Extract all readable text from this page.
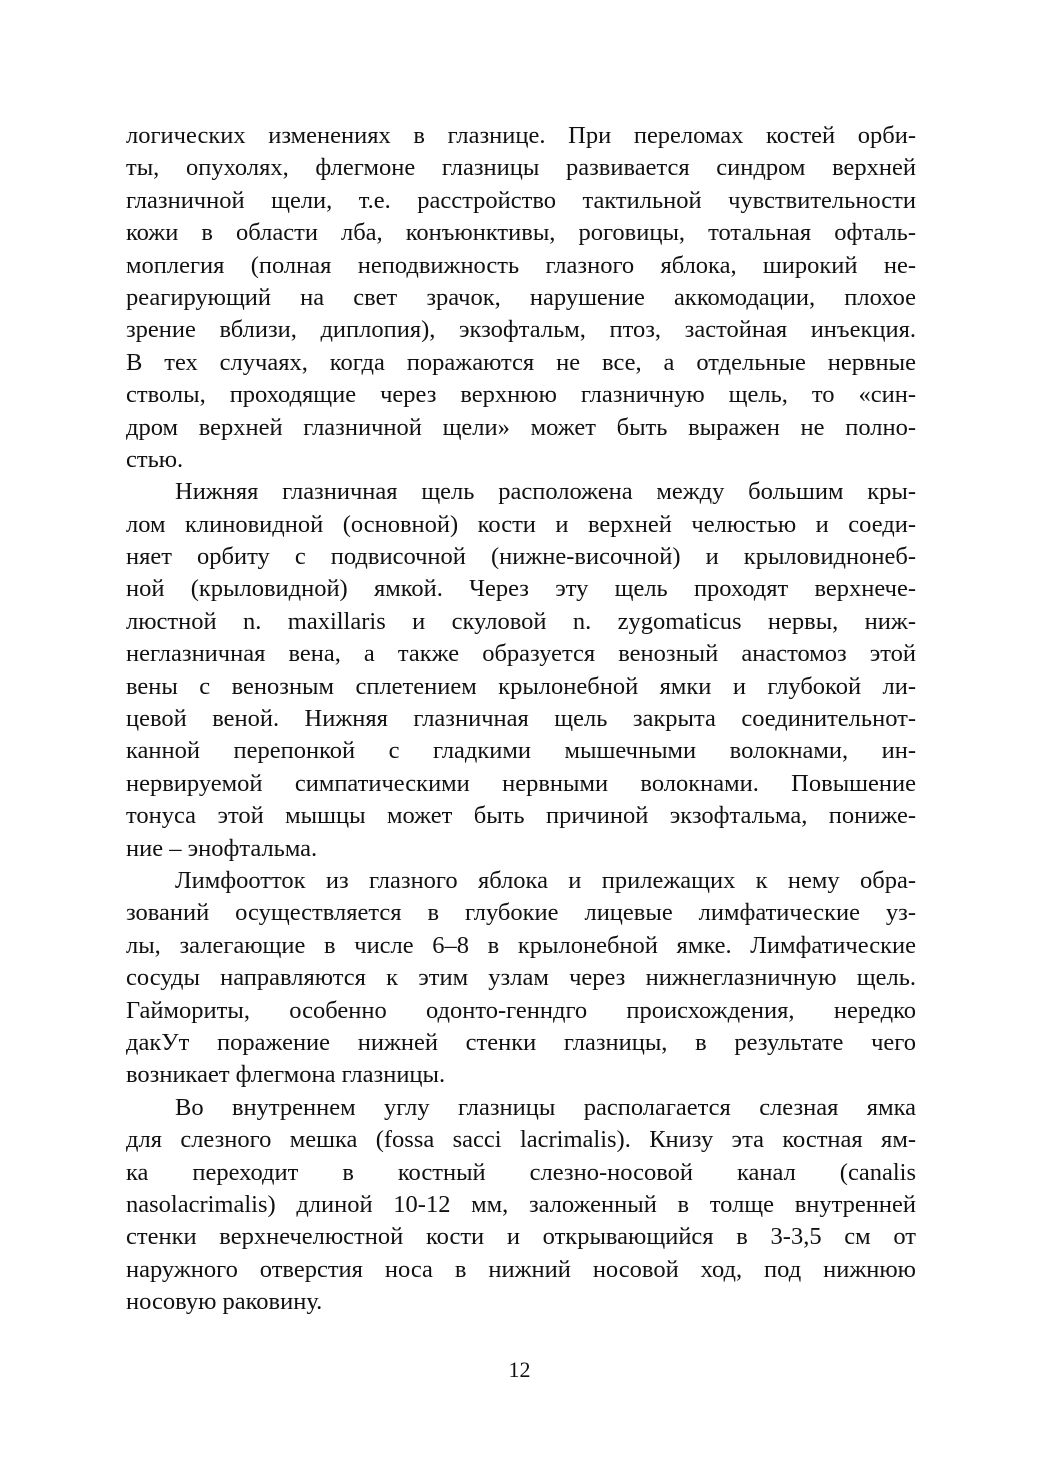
логических изменениях в глазнице. При переломах костей орби-
ты, опухолях, флегмоне глазницы развивается синдром верхней
глазничной щели, т.е. расстройство тактильной чувствительности
кожи в области лба, конъюнктивы, роговицы, тотальная офталь-
моплегия (полная неподвижность глазного яблока, широкий не-
реагирующий на свет зрачок, нарушение аккомодации, плохое
зрение вблизи, диплопия), экзофтальм, птоз, застойная инъекция.
В тех случаях, когда поражаются не все, а отдельные нервные
стволы, проходящие через верхнюю глазничную щель, то «син-
дром верхней глазничной щели» может быть выражен не полно-
стью.
Нижняя глазничная щель расположена между большим кры-
лом клиновидной (основной) кости и верхней челюстью и соеди-
няет орбиту с подвисочной (нижне-височной) и крыловиднонеб-
ной (крыловидной) ямкой. Через эту щель проходят верхнече-
люстной n. maxillaris и скуловой n. zygomaticus нервы, ниж-
неглазничная вена, а также образуется венозный анастомоз этой
вены с венозным сплетением крылонебной ямки и глубокой ли-
цевой веной. Нижняя глазничная щель закрыта соединительнот-
канной перепонкой с гладкими мышечными волокнами, ин-
нервируемой симпатическими нервными волокнами. Повышение
тонуса этой мышцы может быть причиной экзофтальма, пониже-
ние – энофтальма.
Лимфоотток из глазного яблока и прилежащих к нему обра-
зований осуществляется в глубокие лицевые лимфатические уз-
лы, залегающие в числе 6–8 в крылонебной ямке. Лимфатические
сосуды направляются к этим узлам через нижнеглазничную щель.
Гаймориты, особенно одонто-генндго происхождения, нередко
дакУт поражение нижней стенки глазницы, в результате чего
возникает флегмона глазницы.
Во внутреннем углу глазницы располагается слезная ямка
для слезного мешка (fossa sacci lacrimalis). Книзу эта костная ям-
ка переходит в костный слезно-носовой канал (canalis
nasolacrimalis) длиной 10-12 мм, заложенный в толще внутренней
стенки верхнечелюстной кости и открывающийся в 3-3,5 см от
наружного отверстия носа в нижний носовой ход, под нижнюю
носовую раковину.
12
